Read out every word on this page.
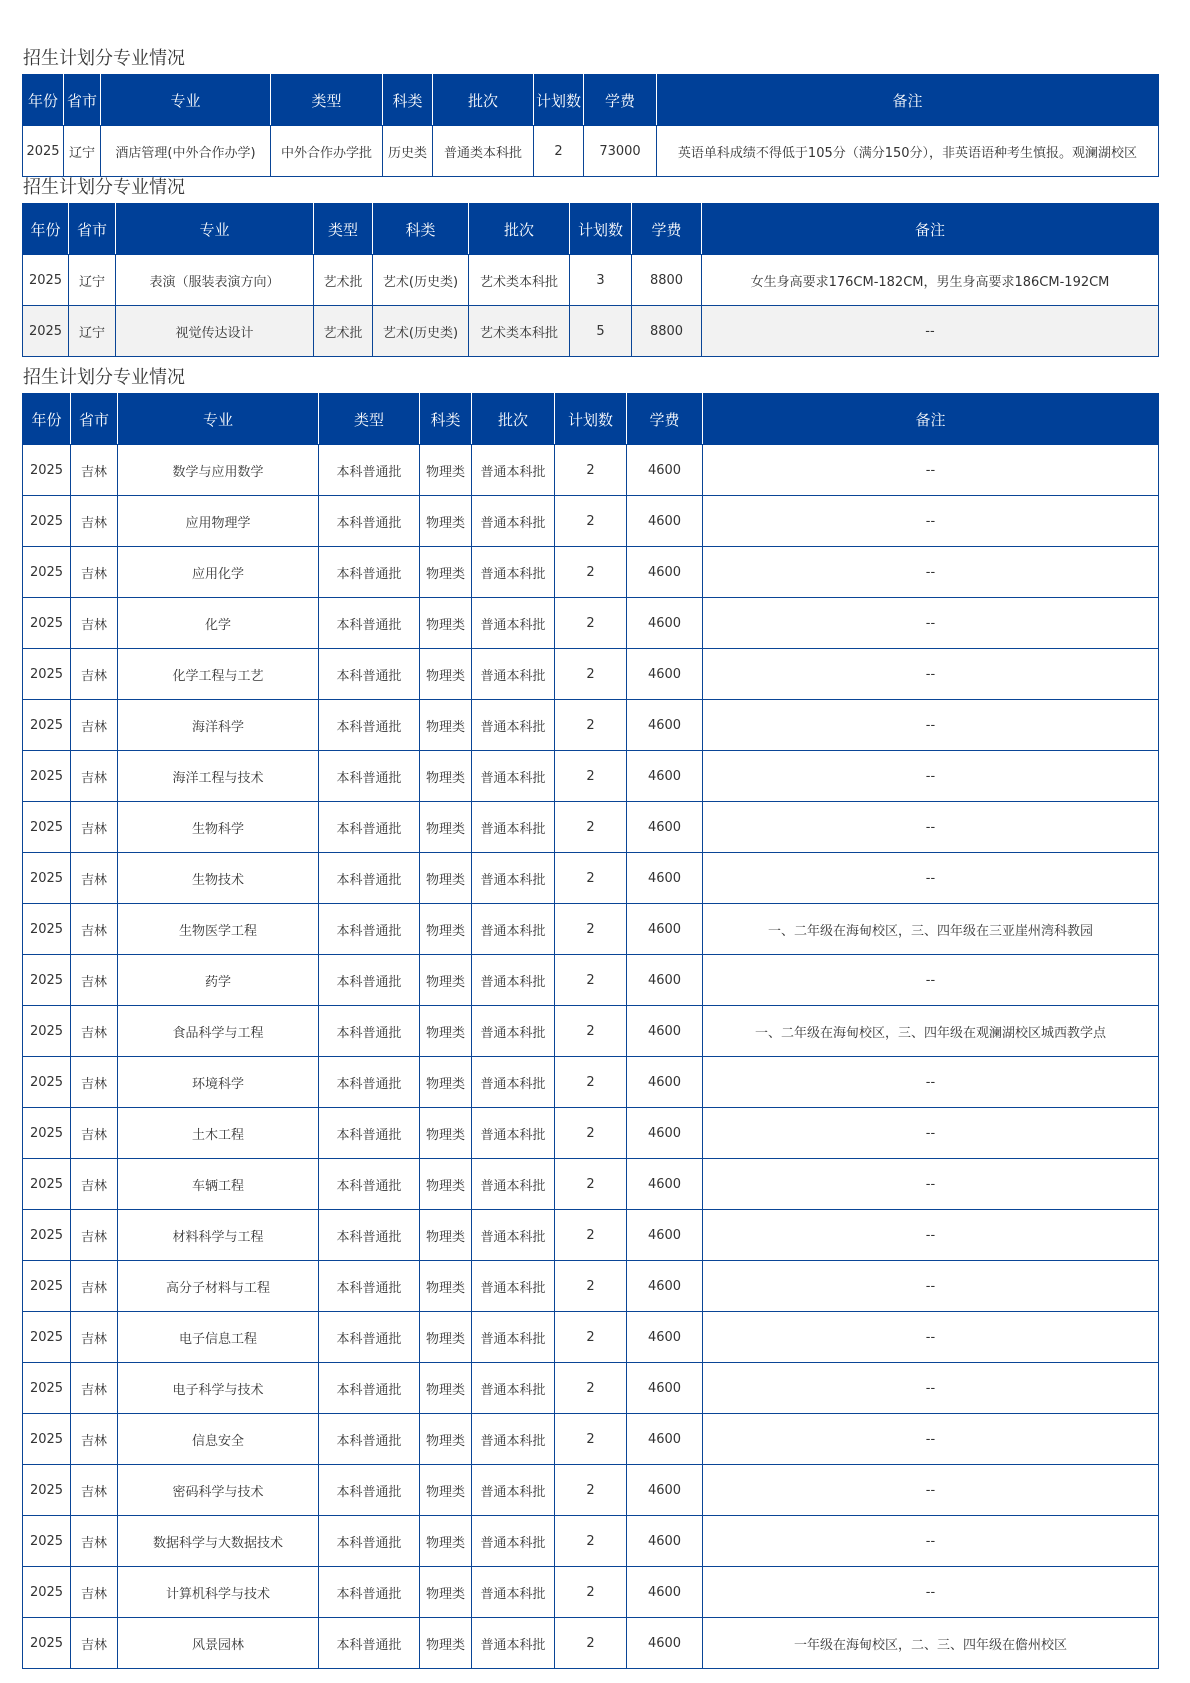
招生计划分专业情况
年份	省市	专业	类型	科类	批次	计划数	学费	备注
2025	辽宁	酒店管理(中外合作办学)	中外合作办学批	历史类	普通类本科批	2	73000	英语单科成绩不得低于105分（满分150分），非英语语种考生慎报。观澜湖校区
招生计划分专业情况
年份	省市	专业	类型	科类	批次	计划数	学费	备注
2025	辽宁	表演（服装表演方向）	艺术批	艺术(历史类)	艺术类本科批	3	8800	女生身高要求176CM-182CM，男生身高要求186CM-192CM
2025	辽宁	视觉传达设计	艺术批	艺术(历史类)	艺术类本科批	5	8800	--
招生计划分专业情况
年份	省市	专业	类型	科类	批次	计划数	学费	备注
2025	吉林	数学与应用数学	本科普通批	物理类	普通本科批	2	4600	--
2025	吉林	应用物理学	本科普通批	物理类	普通本科批	2	4600	--
2025	吉林	应用化学	本科普通批	物理类	普通本科批	2	4600	--
2025	吉林	化学	本科普通批	物理类	普通本科批	2	4600	--
2025	吉林	化学工程与工艺	本科普通批	物理类	普通本科批	2	4600	--
2025	吉林	海洋科学	本科普通批	物理类	普通本科批	2	4600	--
2025	吉林	海洋工程与技术	本科普通批	物理类	普通本科批	2	4600	--
2025	吉林	生物科学	本科普通批	物理类	普通本科批	2	4600	--
2025	吉林	生物技术	本科普通批	物理类	普通本科批	2	4600	--
2025	吉林	生物医学工程	本科普通批	物理类	普通本科批	2	4600	一、二年级在海甸校区，三、四年级在三亚崖州湾科教园
2025	吉林	药学	本科普通批	物理类	普通本科批	2	4600	--
2025	吉林	食品科学与工程	本科普通批	物理类	普通本科批	2	4600	一、二年级在海甸校区，三、四年级在观澜湖校区城西教学点
2025	吉林	环境科学	本科普通批	物理类	普通本科批	2	4600	--
2025	吉林	土木工程	本科普通批	物理类	普通本科批	2	4600	--
2025	吉林	车辆工程	本科普通批	物理类	普通本科批	2	4600	--
2025	吉林	材料科学与工程	本科普通批	物理类	普通本科批	2	4600	--
2025	吉林	高分子材料与工程	本科普通批	物理类	普通本科批	2	4600	--
2025	吉林	电子信息工程	本科普通批	物理类	普通本科批	2	4600	--
2025	吉林	电子科学与技术	本科普通批	物理类	普通本科批	2	4600	--
2025	吉林	信息安全	本科普通批	物理类	普通本科批	2	4600	--
2025	吉林	密码科学与技术	本科普通批	物理类	普通本科批	2	4600	--
2025	吉林	数据科学与大数据技术	本科普通批	物理类	普通本科批	2	4600	--
2025	吉林	计算机科学与技术	本科普通批	物理类	普通本科批	2	4600	--
2025	吉林	风景园林	本科普通批	物理类	普通本科批	2	4600	一年级在海甸校区，二、三、四年级在儋州校区
